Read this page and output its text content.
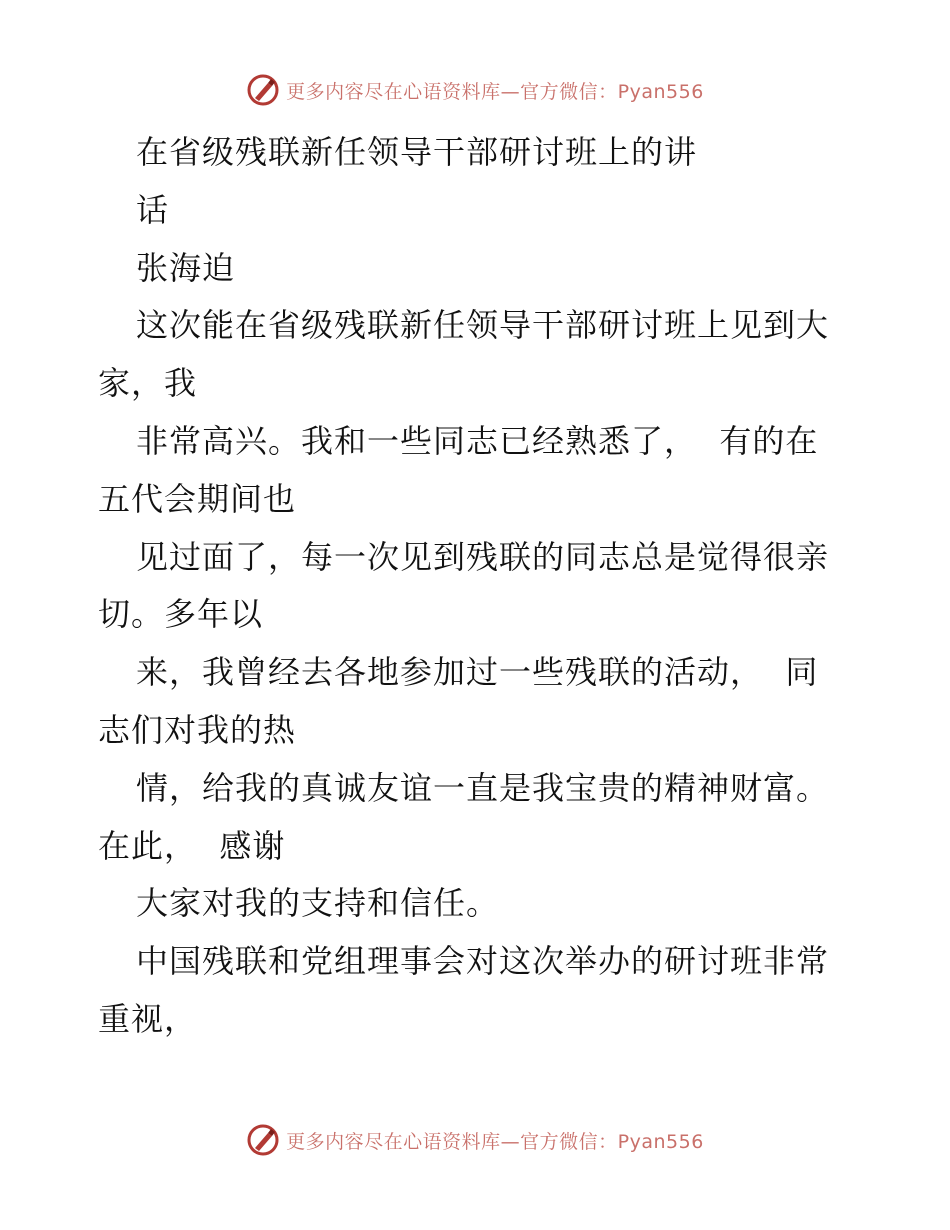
更多内容尽在心语资料库—官方微信：Pyan556
在省级残联新任领导干部研讨班上的讲
话
张海迫
这次能在省级残联新任领导干部研讨班上见到大
家，我
非常高兴。我和一些同志已经熟悉了，  有的在
五代会期间也
见过面了，每一次见到残联的同志总是觉得很亲
切。多年以
来，我曾经去各地参加过一些残联的活动，  同
志们对我的热
情，给我的真诚友谊一直是我宝贵的精神财富。
在此，  感谢
大家对我的支持和信任。
中国残联和党组理事会对这次举办的研讨班非常
重视，
更多内容尽在心语资料库—官方微信：Pyan556
